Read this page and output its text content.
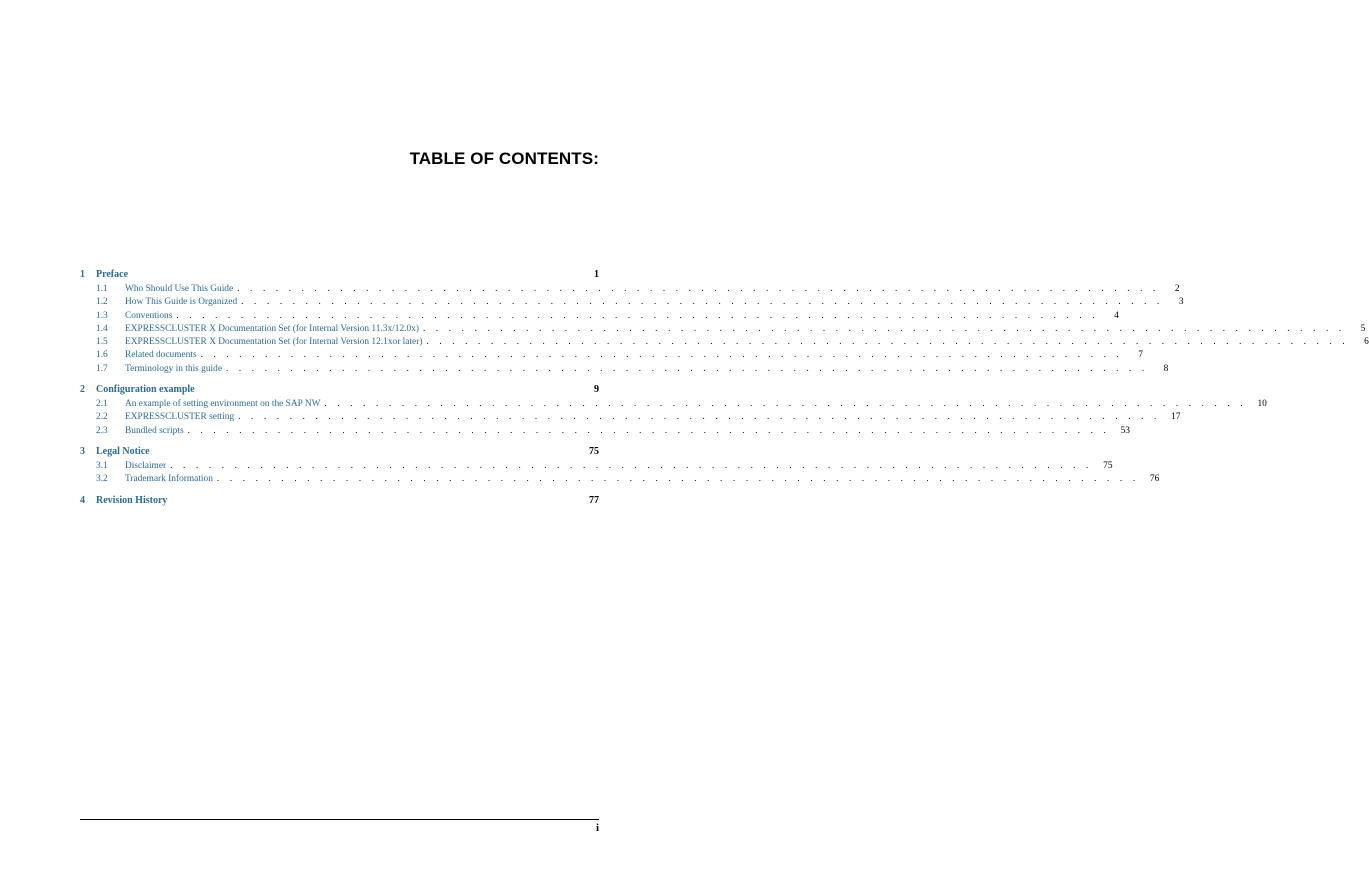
TABLE OF CONTENTS:
1	Preface	1
1.1	Who Should Use This Guide . . . . . . . . . . . . . . . . . . . . . . . . . . . . . . . . . . . . . . . . . . . . . . . . . . . . . . . . . . . . . . . . . . . . . . . .	2
1.2	How This Guide is Organized . . . . . . . . . . . . . . . . . . . . . . . . . . . . . . . . . . . . . . . . . . . . . . . . . . . . . . . . . . . . . . . . . . . . . . . .	3
1.3	Conventions . . . . . . . . . . . . . . . . . . . . . . . . . . . . . . . . . . . . . . . . . . . . . . . . . . . . . . . . . . . . . . . . . . . . . . . .	4
1.4	EXPRESSCLUSTER X Documentation Set (for Internal Version 11.3x/12.0x) . . . . . . . . . . . . . . . . . . . . . . . . . . . . . . . . . . . . . . . . . . . . . . . . . . . . . . . . . . . . . . . . . . . . . . . .	5
1.5	EXPRESSCLUSTER X Documentation Set (for Internal Version 12.1xor later) . . . . . . . . . . . . . . . . . . . . . . . . . . . . . . . . . . . . . . . . . . . . . . . . . . . . . . . . . . . . . . . . . . . . . . . .	6
1.6	Related documents . . . . . . . . . . . . . . . . . . . . . . . . . . . . . . . . . . . . . . . . . . . . . . . . . . . . . . . . . . . . . . . . . . . . . . . .	7
1.7	Terminology in this guide . . . . . . . . . . . . . . . . . . . . . . . . . . . . . . . . . . . . . . . . . . . . . . . . . . . . . . . . . . . . . . . . . . . . . . . .	8
2	Configuration example	9
2.1	An example of setting environment on the SAP NW . . . . . . . . . . . . . . . . . . . . . . . . . . . . . . . . . . . . . . . . . . . . . . . . . . . . . . . . . . . . . . . . . . . . . . . .	10
2.2	EXPRESSCLUSTER setting . . . . . . . . . . . . . . . . . . . . . . . . . . . . . . . . . . . . . . . . . . . . . . . . . . . . . . . . . . . . . . . . . . . . . . . .	17
2.3	Bundled scripts . . . . . . . . . . . . . . . . . . . . . . . . . . . . . . . . . . . . . . . . . . . . . . . . . . . . . . . . . . . . . . . . . . . . . . . .	53
3	Legal Notice	75
3.1	Disclaimer . . . . . . . . . . . . . . . . . . . . . . . . . . . . . . . . . . . . . . . . . . . . . . . . . . . . . . . . . . . . . . . . . . . . . . . .	75
3.2	Trademark Information . . . . . . . . . . . . . . . . . . . . . . . . . . . . . . . . . . . . . . . . . . . . . . . . . . . . . . . . . . . . . . . . . . . . . . . .	76
4	Revision History	77
i
